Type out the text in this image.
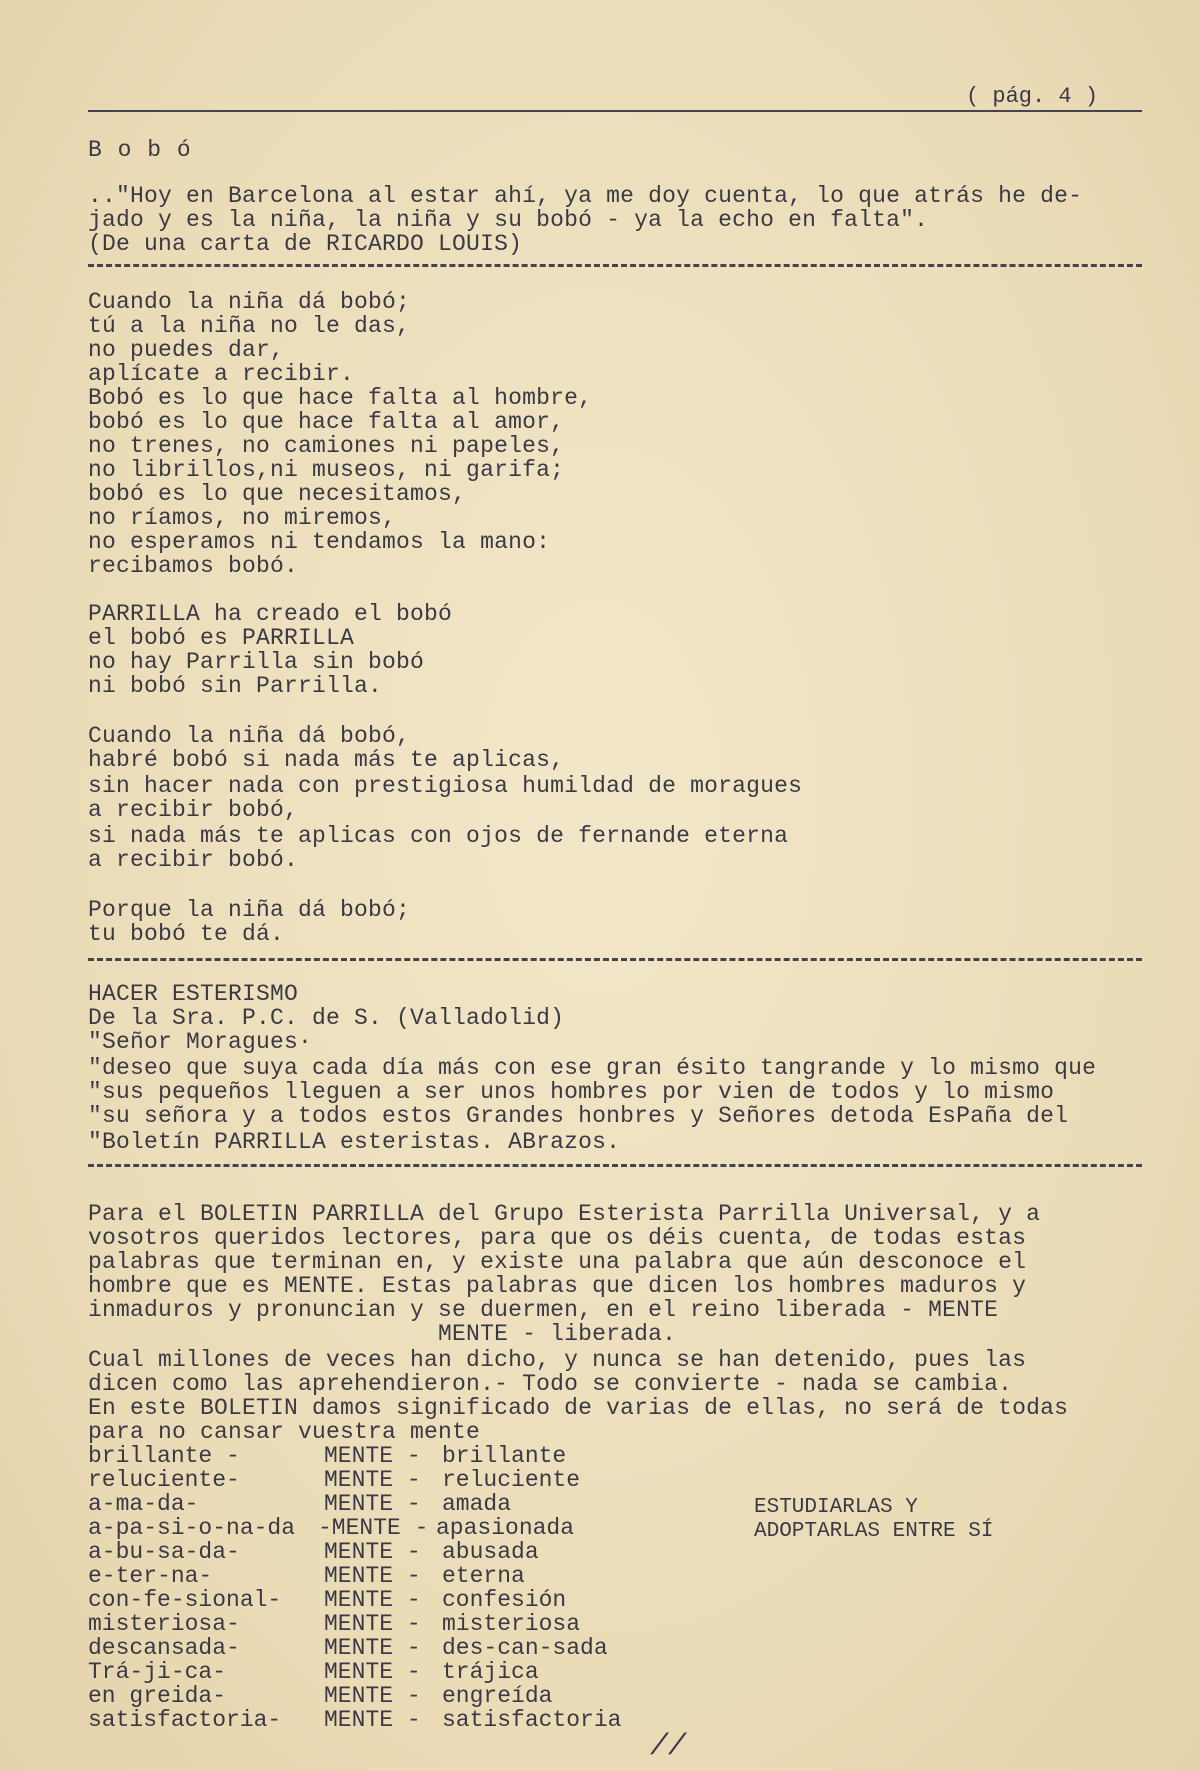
( pág. 4 )
B o b ó
.."Hoy en Barcelona al estar ahí, ya me doy cuenta, lo que atrás he de-
jado y es la niña, la niña y su bobó - ya la echo en falta".
(De una carta de RICARDO LOUIS)
Cuando la niña dá bobó;
tú a la niña no le das,
no puedes dar,
aplícate a recibir.
Bobó es lo que hace falta al hombre,
bobó es lo que hace falta al amor,
no trenes, no camiones ni papeles,
no librillos,ni museos, ni garifa;
bobó es lo que necesitamos,
no ríamos, no miremos,
no esperamos ni tendamos la mano:
recibamos bobó.
PARRILLA ha creado el bobó
el bobó es PARRILLA
no hay Parrilla sin bobó
ni bobó sin Parrilla.
Cuando la niña dá bobó,
habré bobó si nada más te aplicas,
sin hacer nada con prestigiosa humildad de moragues
a recibir bobó,
si nada más te aplicas con ojos de fernande eterna
a recibir bobó.
Porque la niña dá bobó;
tu bobó te dá.
HACER ESTERISMO
De la Sra. P.C. de S. (Valladolid)
"Señor Moragues·
"deseo que suya cada día más con ese gran ésito tangrande y lo mismo que
"sus pequeños lleguen a ser unos hombres por vien de todos y lo mismo
"su señora y a todos estos Grandes honbres y Señores detoda EsPaña del
"Boletín PARRILLA esteristas. ABrazos.
Para el BOLETIN PARRILLA del Grupo Esterista Parrilla Universal, y a
vosotros queridos lectores, para que os déis cuenta, de todas estas
palabras que terminan en, y existe una palabra que aún desconoce el
hombre que es MENTE. Estas palabras que dicen los hombres maduros y
inmaduros y pronuncian y se duermen, en el reino liberada - MENTE
MENTE - liberada.
Cual millones de veces han dicho, y nunca se han detenido, pues las
dicen como las aprehendieron.- Todo se convierte - nada se cambia.
En este BOLETIN damos significado de varias de ellas, no será de todas
para no cansar vuestra mente
brillante -	MENTE - brillante
reluciente-	MENTE - reluciente
a-ma-da-	MENTE - amada
a-pa-si-o-na-da -MENTE - apasionada
a-bu-sa-da-	MENTE - abusada
e-ter-na-	MENTE - eterna
con-fe-sional- MENTE - confesión
misteriosa-	MENTE - misteriosa
descansada-	MENTE - des-can-sada
Trá-ji-ca-	MENTE - trájica
en greida-	MENTE - engreída
satisfactoria- MENTE - satisfactoria
ESTUDIARLAS Y
ADOPTARLAS ENTRE SÍ
//
